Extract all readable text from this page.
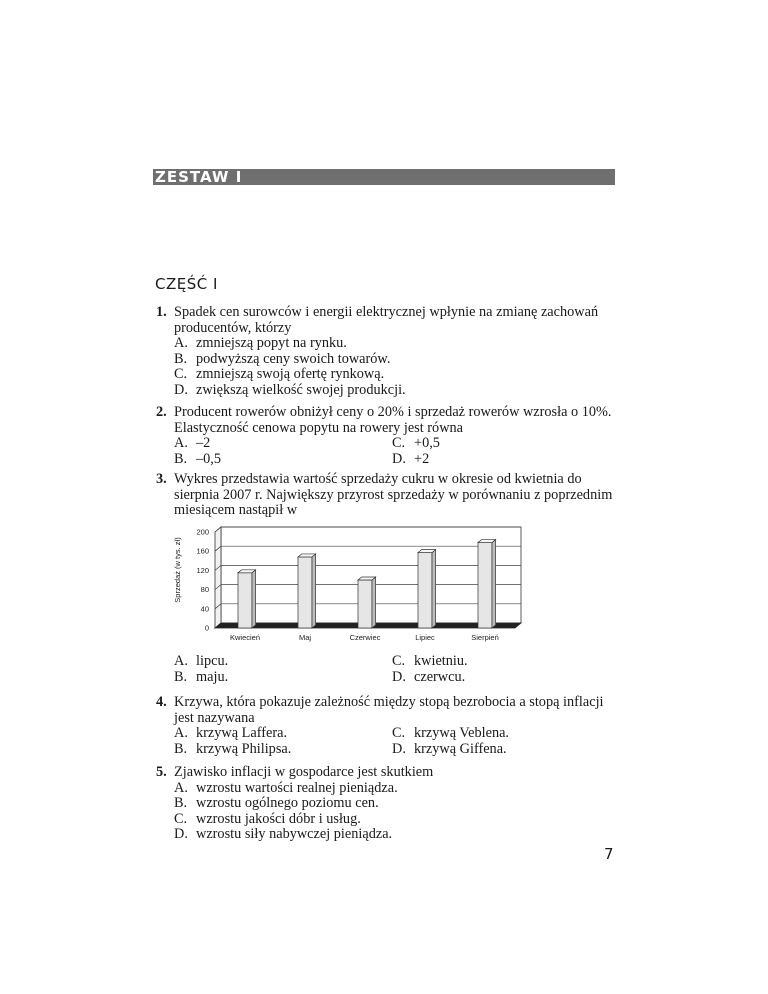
ZESTAW I
CZĘŚĆ I
1. Spadek cen surowców i energii elektrycznej wpłynie na zmianę zachowań producentów, którzy
A. zmniejszą popyt na rynku.
B. podwyższą ceny swoich towarów.
C. zmniejszą swoją ofertę rynkową.
D. zwiększą wielkość swojej produkcji.
2. Producent rowerów obniżył ceny o 20% i sprzedaż rowerów wzrosła o 10%. Elastyczność cenowa popytu na rowery jest równa
A. –2	C. +0,5
B. –0,5	D. +2
3. Wykres przedstawia wartość sprzedaży cukru w okresie od kwietnia do sierpnia 2007 r. Największy przyrost sprzedaży w porównaniu z poprzednim miesiącem nastąpił w
Sprzedaż (w tys. zł)
0
40
80
120
160
200
Kwiecień	Maj	Czerwiec	Lipiec	Sierpień
A. lipcu.	C. kwietniu.
B. maju.	D. czerwcu.
4. Krzywa, która pokazuje zależność między stopą bezrobocia a stopą inflacji jest nazywana
A. krzywą Laffera.	C. krzywą Veblena.
B. krzywą Philipsa.	D. krzywą Giffena.
5. Zjawisko inflacji w gospodarce jest skutkiem
A. wzrostu wartości realnej pieniądza.
B. wzrostu ogólnego poziomu cen.
C. wzrostu jakości dóbr i usług.
D. wzrostu siły nabywczej pieniądza.
7
